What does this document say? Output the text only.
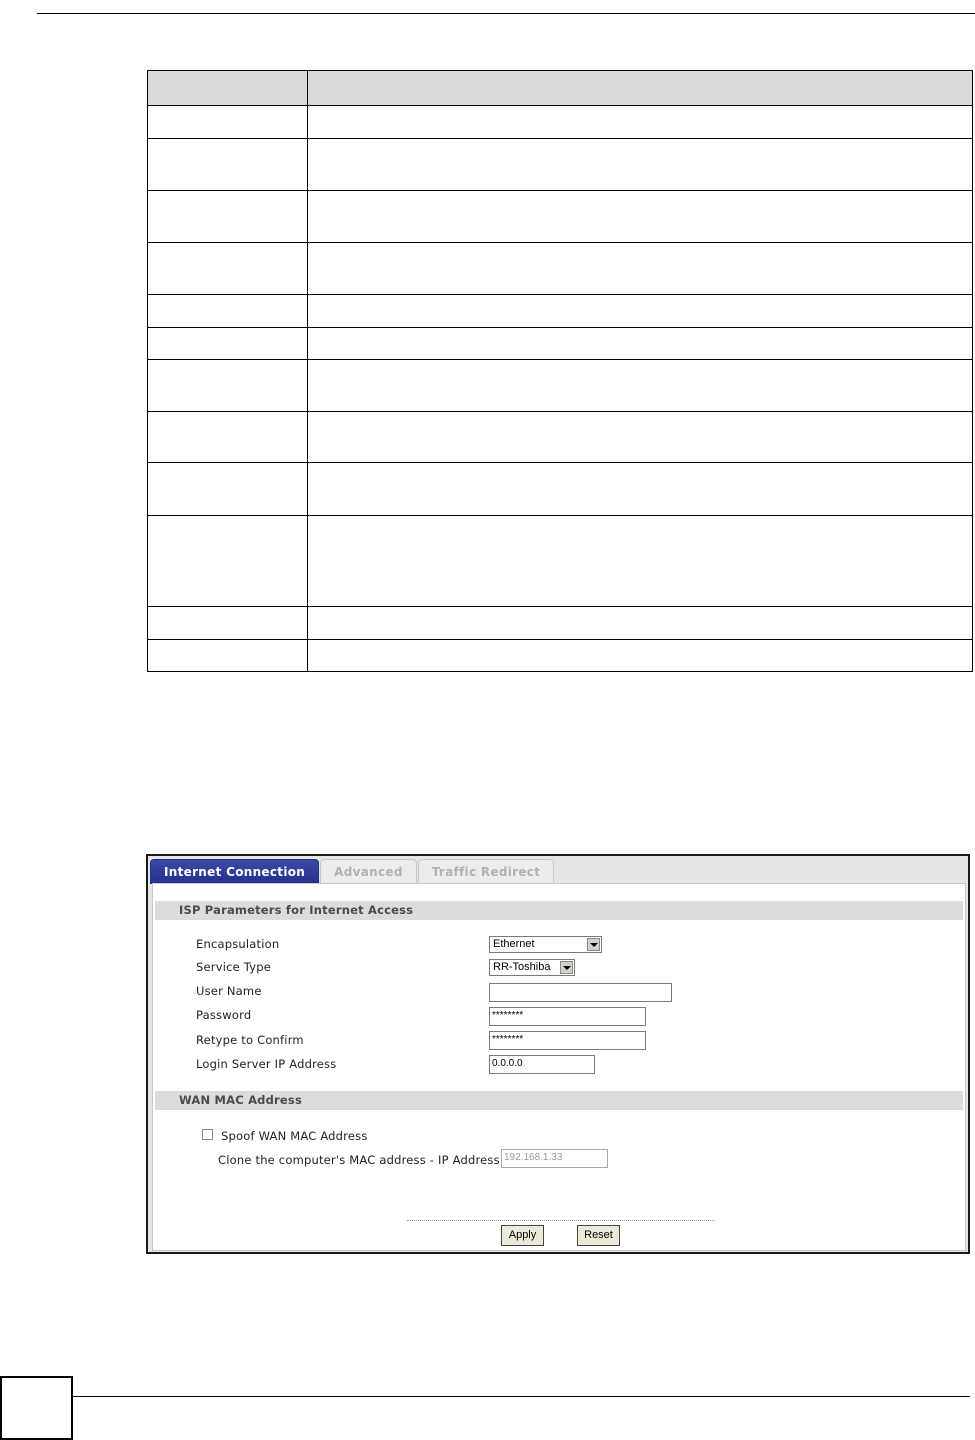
Internet Connection	Advanced	Traffic Redirect
ISP Parameters for Internet Access
Encapsulation	Ethernet
Service Type	RR-Toshiba
User Name
Password	********
Retype to Confirm	********
Login Server IP Address	0.0.0.0
WAN MAC Address
Spoof WAN MAC Address
Clone the computer's MAC address - IP Address 192.168.1.33
Apply	Reset
